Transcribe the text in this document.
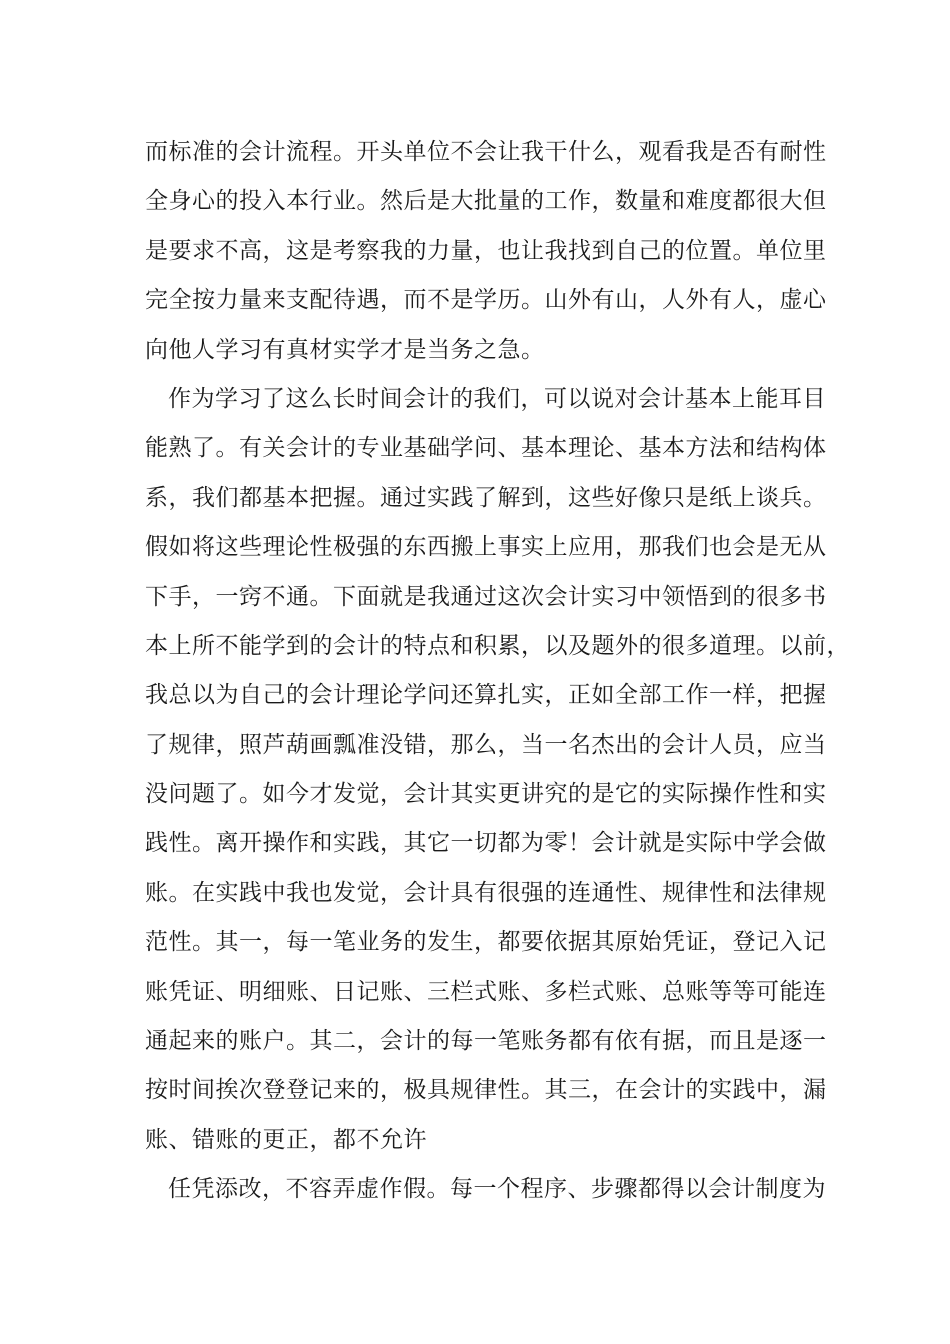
而标准的会计流程。开头单位不会让我干什么，观看我是否有耐性
全身心的投入本行业。然后是大批量的工作，数量和难度都很大但
是要求不高，这是考察我的力量，也让我找到自己的位置。单位里
完全按力量来支配待遇，而不是学历。山外有山，人外有人，虚心
向他人学习有真材实学才是当务之急。
作为学习了这么长时间会计的我们，可以说对会计基本上能耳目
能熟了。有关会计的专业基础学问、基本理论、基本方法和结构体
系，我们都基本把握。通过实践了解到，这些好像只是纸上谈兵。
假如将这些理论性极强的东西搬上事实上应用，那我们也会是无从
下手，一窍不通。下面就是我通过这次会计实习中领悟到的很多书
本上所不能学到的会计的特点和积累，以及题外的很多道理。以前，
我总以为自己的会计理论学问还算扎实，正如全部工作一样，把握
了规律，照芦葫画瓢准没错，那么，当一名杰出的会计人员，应当
没问题了。如今才发觉，会计其实更讲究的是它的实际操作性和实
践性。离开操作和实践，其它一切都为零！会计就是实际中学会做
账。在实践中我也发觉，会计具有很强的连通性、规律性和法律规
范性。其一，每一笔业务的发生，都要依据其原始凭证，登记入记
账凭证、明细账、日记账、三栏式账、多栏式账、总账等等可能连
通起来的账户。其二，会计的每一笔账务都有依有据，而且是逐一
按时间挨次登登记来的，极具规律性。其三，在会计的实践中，漏
账、错账的更正，都不允许
任凭添改，不容弄虚作假。每一个程序、步骤都得以会计制度为
